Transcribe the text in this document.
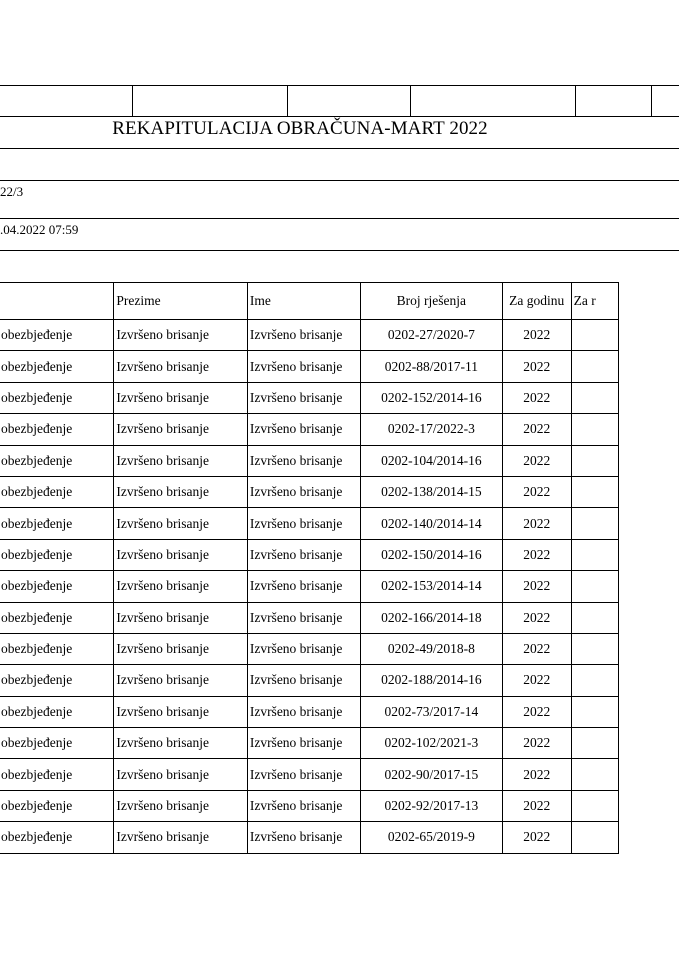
REKAPITULACIJA OBRAČUNA-MART 2022
22/3
.04.2022 07:59
	Prezime	Ime	Broj rješenja	Za godinu	Za r
obezbjeđenje	Izvršeno brisanje	Izvršeno brisanje	0202-27/2020-7	2022	
obezbjeđenje	Izvršeno brisanje	Izvršeno brisanje	0202-88/2017-11	2022	
obezbjeđenje	Izvršeno brisanje	Izvršeno brisanje	0202-152/2014-16	2022	
obezbjeđenje	Izvršeno brisanje	Izvršeno brisanje	0202-17/2022-3	2022	
obezbjeđenje	Izvršeno brisanje	Izvršeno brisanje	0202-104/2014-16	2022	
obezbjeđenje	Izvršeno brisanje	Izvršeno brisanje	0202-138/2014-15	2022	
obezbjeđenje	Izvršeno brisanje	Izvršeno brisanje	0202-140/2014-14	2022	
obezbjeđenje	Izvršeno brisanje	Izvršeno brisanje	0202-150/2014-16	2022	
obezbjeđenje	Izvršeno brisanje	Izvršeno brisanje	0202-153/2014-14	2022	
obezbjeđenje	Izvršeno brisanje	Izvršeno brisanje	0202-166/2014-18	2022	
obezbjeđenje	Izvršeno brisanje	Izvršeno brisanje	0202-49/2018-8	2022	
obezbjeđenje	Izvršeno brisanje	Izvršeno brisanje	0202-188/2014-16	2022	
obezbjeđenje	Izvršeno brisanje	Izvršeno brisanje	0202-73/2017-14	2022	
obezbjeđenje	Izvršeno brisanje	Izvršeno brisanje	0202-102/2021-3	2022	
obezbjeđenje	Izvršeno brisanje	Izvršeno brisanje	0202-90/2017-15	2022	
obezbjeđenje	Izvršeno brisanje	Izvršeno brisanje	0202-92/2017-13	2022	
obezbjeđenje	Izvršeno brisanje	Izvršeno brisanje	0202-65/2019-9	2022	
